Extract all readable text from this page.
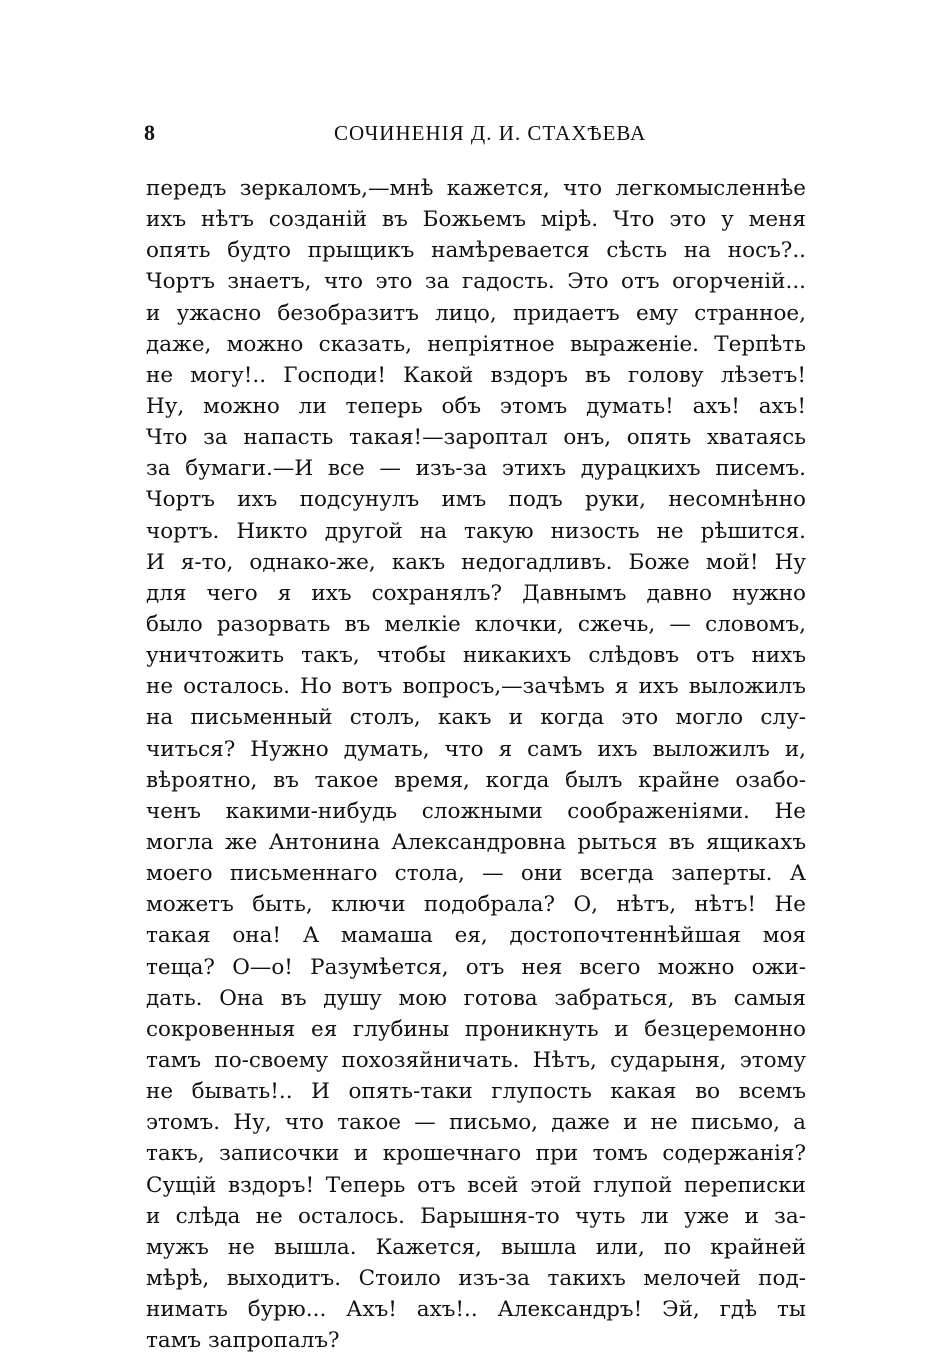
8	СОЧИНЕНІЯ Д. И. СТАХѢЕВА
передъ зеркаломъ,—мнѣ кажется, что легкомысленнѣе
ихъ нѣтъ созданій въ Божьемъ мірѣ. Что это у меня
опять будто прыщикъ намѣревается сѣсть на носъ?..
Чортъ знаетъ, что это за гадость. Это отъ огорченій...
и ужасно безобразитъ лицо, придаетъ ему странное,
даже, можно сказать, непріятное выраженіе. Терпѣть
не могу!.. Господи! Какой вздоръ въ голову лѣзетъ!
Ну, можно ли теперь объ этомъ думать! ахъ! ахъ!
Что за напасть такая!—зароптал онъ, опять хватаясь
за бумаги.—И все — изъ-за этихъ дурацкихъ писемъ.
Чортъ ихъ подсунулъ имъ подъ руки, несомнѣнно
чортъ. Никто другой на такую низость не рѣшится.
И я-то, однако-же, какъ недогадливъ. Боже мой! Ну
для чего я ихъ сохранялъ? Давнымъ давно нужно
было разорвать въ мелкіе клочки, сжечь, — словомъ,
уничтожить такъ, чтобы никакихъ слѣдовъ отъ нихъ
не осталось. Но вотъ вопросъ,—зачѣмъ я ихъ выложилъ
на письменный столъ, какъ и когда это могло слу-
читься? Нужно думать, что я самъ ихъ выложилъ и,
вѣроятно, въ такое время, когда былъ крайне озабо-
ченъ какими-нибудь сложными соображеніями. Не
могла же Антонина Александровна рыться въ ящикахъ
моего письменнаго стола, — они всегда заперты. А
можетъ быть, ключи подобрала? О, нѣтъ, нѣтъ! Не
такая она! А мамаша ея, достопочтеннѣйшая моя
теща? О—о! Разумѣется, отъ нея всего можно ожи-
дать. Она въ душу мою готова забраться, въ самыя
сокровенныя ея глубины проникнуть и безцеремонно
тамъ по-своему похозяйничать. Нѣтъ, сударыня, этому
не бывать!.. И опять-таки глупость какая во всемъ
этомъ. Ну, что такое — письмо, даже и не письмо, а
такъ, записочки и крошечнаго при томъ содержанія?
Сущій вздоръ! Теперь отъ всей этой глупой переписки
и слѣда не осталось. Барышня-то чуть ли уже и за-
мужъ не вышла. Кажется, вышла или, по крайней
мѣрѣ, выходитъ. Стоило изъ-за такихъ мелочей под-
нимать бурю... Ахъ! ахъ!.. Александръ! Эй, гдѣ ты
тамъ запропалъ?
